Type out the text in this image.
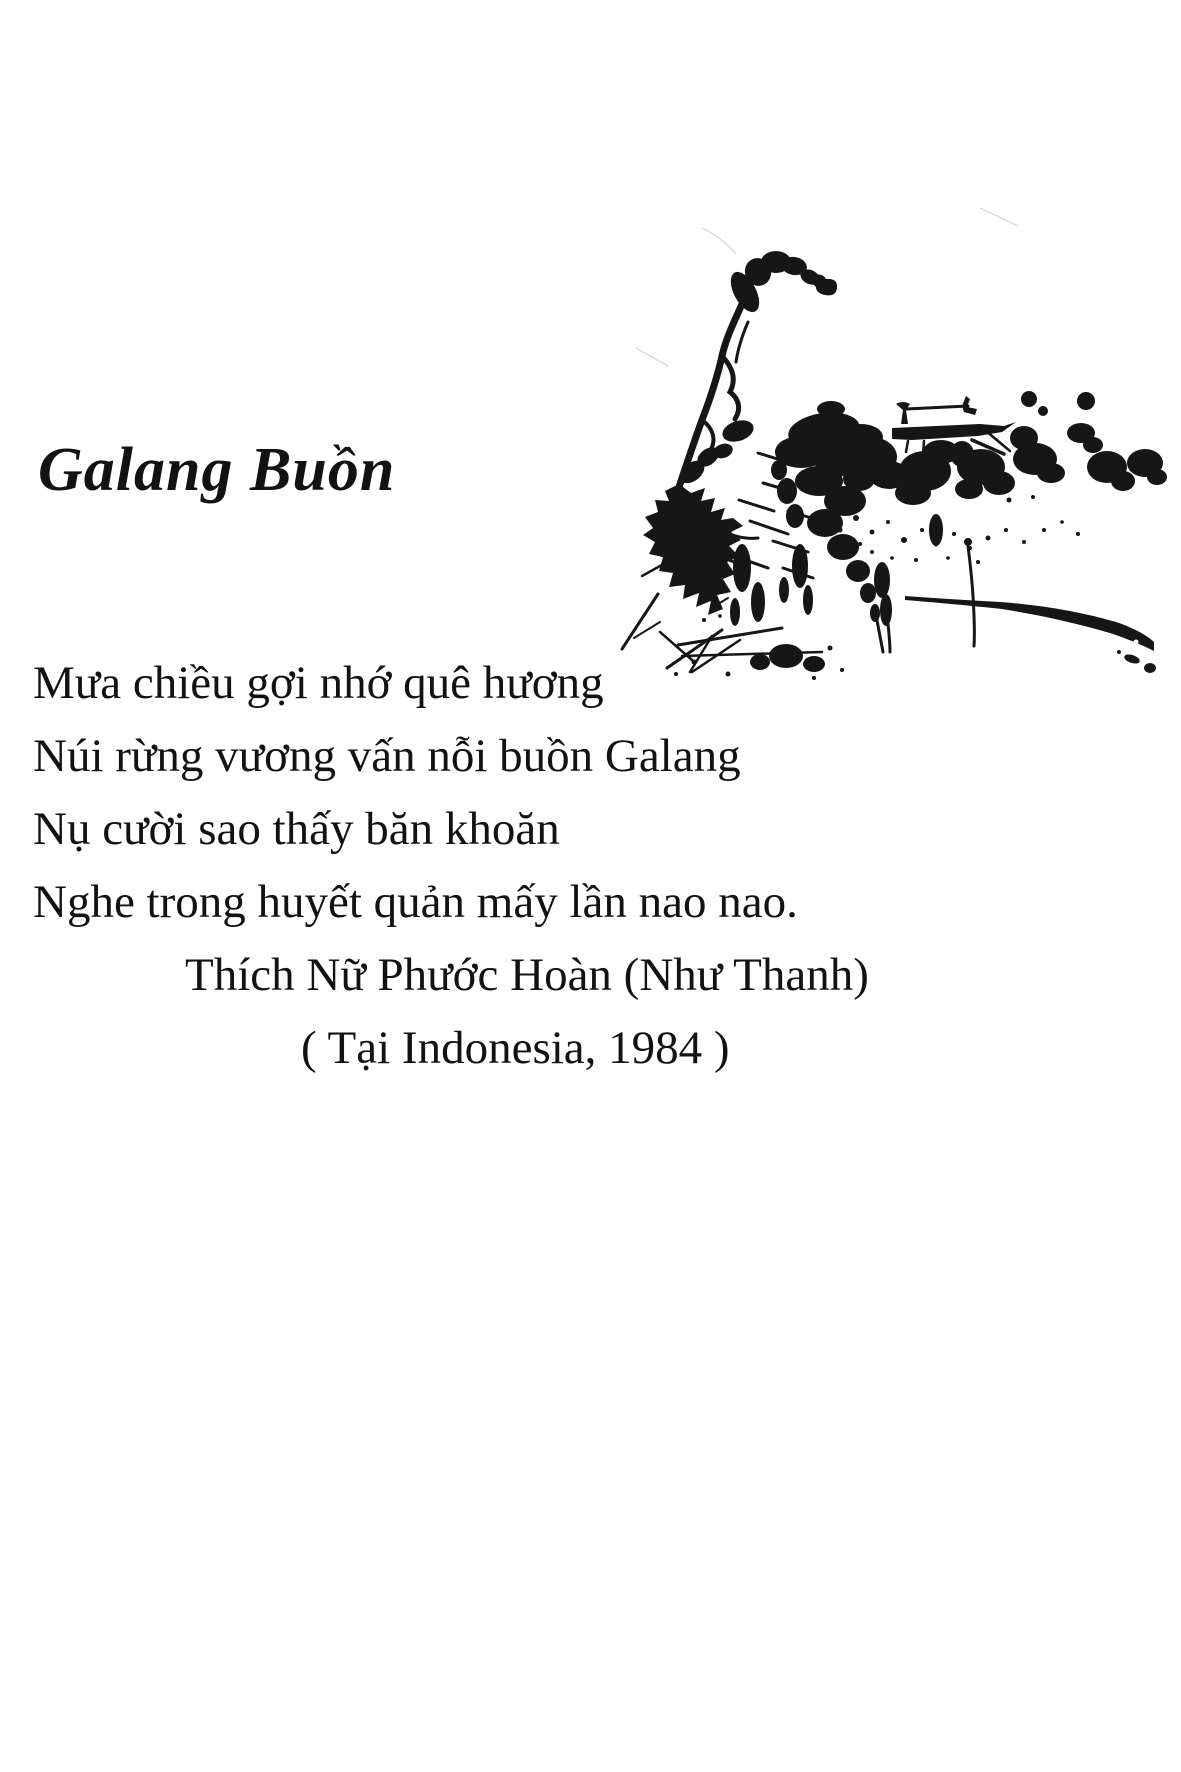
Galang Buồn
Mưa chiều gợi nhớ quê hương
Núi rừng vương vấn nỗi buồn Galang
Nụ cười sao thấy băn khoăn
Nghe trong huyết quản mấy lần nao nao.
Thích Nữ Phước Hoàn (Như Thanh)
( Tại Indonesia, 1984 )
